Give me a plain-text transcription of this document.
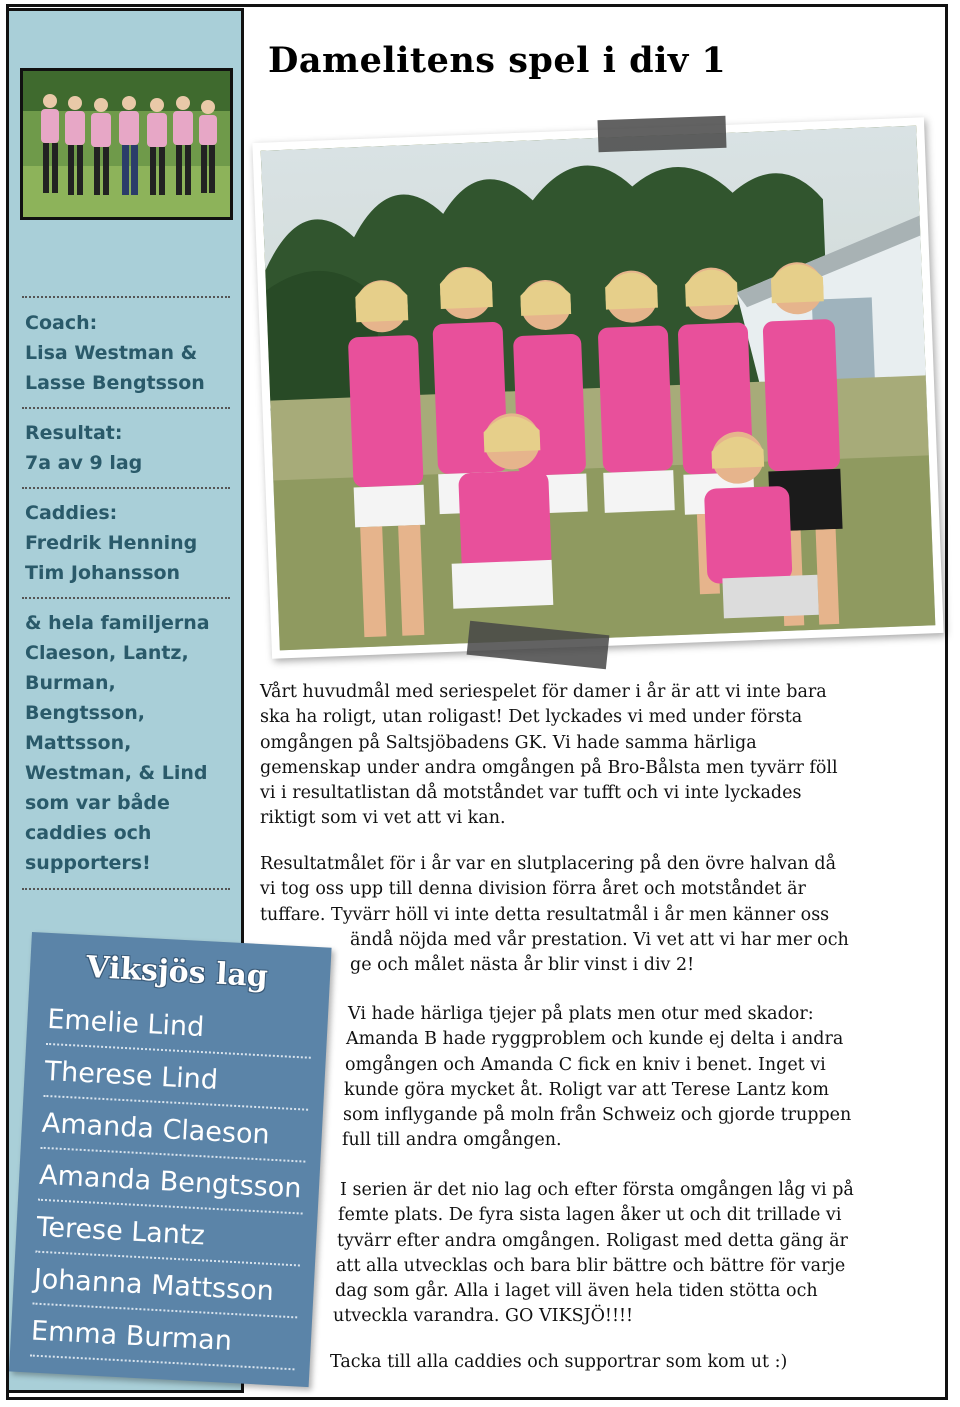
Coach:
Lisa Westman &
Lasse Bengtsson
Resultat:
7a av 9 lag
Caddies:
Fredrik Henning
Tim Johansson
& hela familjerna
Claeson, Lantz,
Burman,
Bengtsson,
Mattsson,
Westman, & Lind
som var både
caddies och
supporters!
Damelitens spel i div 1

Vårt huvudmål med seriespelet för damer i år är att vi inte bara

ska ha roligt, utan roligast! Det lyckades vi med under första

omgången på Saltsjöbadens GK. Vi hade samma härliga

gemenskap under andra omgången på Bro-Bålsta men tyvärr föll

vi i resultatlistan då motståndet var tufft och vi inte lyckades

riktigt som vi vet att vi kan.

Resultatmålet för i år var en slutplacering på den övre halvan då

vi tog oss upp till denna division förra året och motståndet är

tuffare. Tyvärr höll vi inte detta resultatmål i år men känner oss

ändå nöjda med vår prestation. Vi vet att vi har mer och

ge och målet nästa år blir vinst i div 2!

Vi hade härliga tjejer på plats men otur med skador:

Amanda B hade ryggproblem och kunde ej delta i andra

omgången och Amanda C fick en kniv i benet. Inget vi

kunde göra mycket åt. Roligt var att Terese Lantz kom

som inflygande på moln från Schweiz och gjorde truppen

full till andra omgången.

I serien är det nio lag och efter första omgången låg vi på

femte plats. De fyra sista lagen åker ut och dit trillade vi

tyvärr efter andra omgången. Roligast med detta gäng är

att alla utvecklas och bara blir bättre och bättre för varje

dag som går. Alla i laget vill även hela tiden stötta och

utveckla varandra. GO VIKSJÖ!!!!

Tacka till alla caddies och supportrar som kom ut :)
Viksjös lag
Emelie Lind
Therese Lind
Amanda Claeson
Amanda Bengtsson
Terese Lantz
Johanna Mattsson
Emma Burman
